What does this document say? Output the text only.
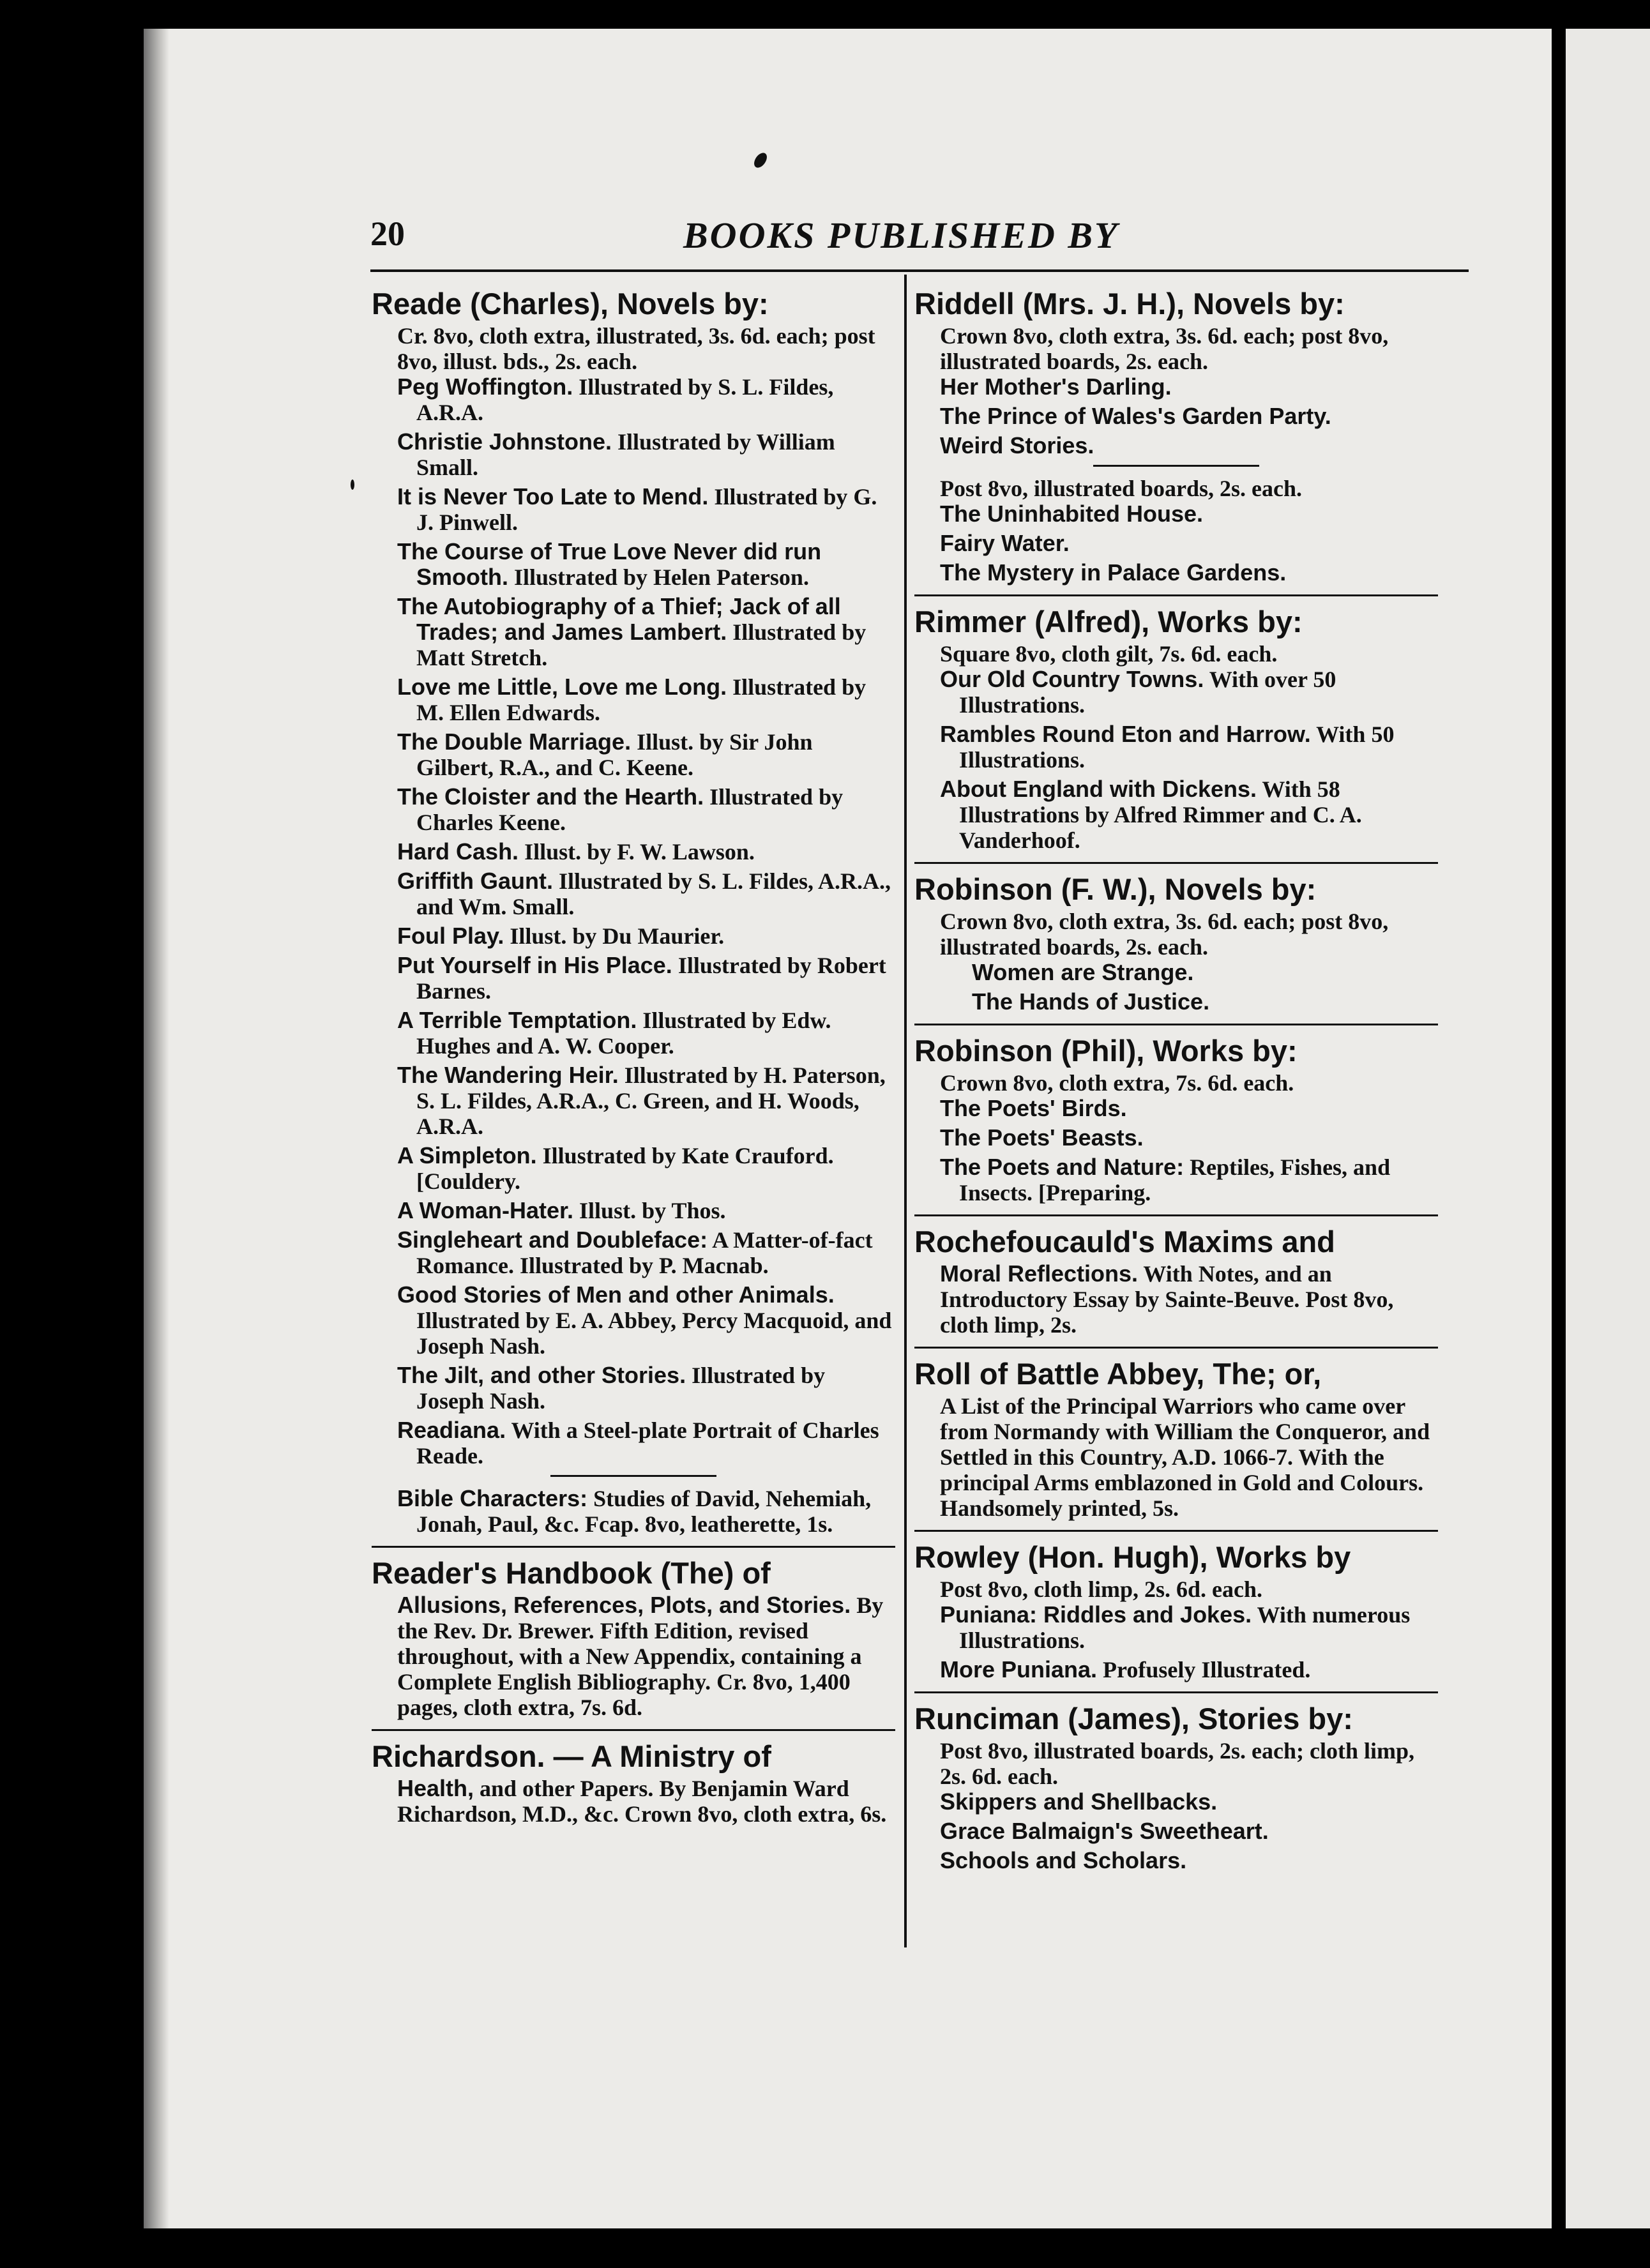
20	BOOKS PUBLISHED BY
Reade (Charles), Novels by:
Cr. 8vo, cloth extra, illustrated, 3s. 6d. each; post 8vo, illust. bds., 2s. each.
Peg Woffington. Illustrated by S. L. Fildes, A.R.A.
Christie Johnstone. Illustrated by William Small.
It is Never Too Late to Mend. Illustrated by G. J. Pinwell.
The Course of True Love Never did run Smooth. Illustrated by Helen Paterson.
The Autobiography of a Thief; Jack of all Trades; and James Lambert. Illustrated by Matt Stretch.
Love me Little, Love me Long. Illustrated by M. Ellen Edwards.
The Double Marriage. Illust. by Sir John Gilbert, R.A., and C. Keene.
The Cloister and the Hearth. Illustrated by Charles Keene.
Hard Cash. Illust. by F. W. Lawson.
Griffith Gaunt. Illustrated by S. L. Fildes, A.R.A., and Wm. Small.
Foul Play. Illust. by Du Maurier.
Put Yourself in His Place. Illustrated by Robert Barnes.
A Terrible Temptation. Illustrated by Edw. Hughes and A. W. Cooper.
The Wandering Heir. Illustrated by H. Paterson, S. L. Fildes, A.R.A., C. Green, and H. Woods, A.R.A.
A Simpleton. Illustrated by Kate Crauford. [Couldery.
A Woman-Hater. Illust. by Thos.
Singleheart and Doubleface: A Matter-of-fact Romance. Illustrated by P. Macnab.
Good Stories of Men and other Animals. Illustrated by E. A. Abbey, Percy Macquoid, and Joseph Nash.
The Jilt, and other Stories. Illustrated by Joseph Nash.
Readiana. With a Steel-plate Portrait of Charles Reade.
Bible Characters: Studies of David, Nehemiah, Jonah, Paul, &c. Fcap. 8vo, leatherette, 1s.
Reader's Handbook (The) of
Allusions, References, Plots, and Stories. By the Rev. Dr. Brewer. Fifth Edition, revised throughout, with a New Appendix, containing a Complete English Bibliography. Cr. 8vo, 1,400 pages, cloth extra, 7s. 6d.
Richardson. — A Ministry of
Health, and other Papers. By Benjamin Ward Richardson, M.D., &c. Crown 8vo, cloth extra, 6s.
Riddell (Mrs. J. H.), Novels by:
Crown 8vo, cloth extra, 3s. 6d. each; post 8vo, illustrated boards, 2s. each.
Her Mother's Darling.
The Prince of Wales's Garden Party.
Weird Stories.
Post 8vo, illustrated boards, 2s. each.
The Uninhabited House.
Fairy Water.
The Mystery in Palace Gardens.
Rimmer (Alfred), Works by:
Square 8vo, cloth gilt, 7s. 6d. each.
Our Old Country Towns. With over 50 Illustrations.
Rambles Round Eton and Harrow. With 50 Illustrations.
About England with Dickens. With 58 Illustrations by Alfred Rimmer and C. A. Vanderhoof.
Robinson (F. W.), Novels by:
Crown 8vo, cloth extra, 3s. 6d. each; post 8vo, illustrated boards, 2s. each.
Women are Strange.
The Hands of Justice.
Robinson (Phil), Works by:
Crown 8vo, cloth extra, 7s. 6d. each.
The Poets' Birds.
The Poets' Beasts.
The Poets and Nature: Reptiles, Fishes, and Insects. [Preparing.
Rochefoucauld's Maxims and
Moral Reflections. With Notes, and an Introductory Essay by Sainte-Beuve. Post 8vo, cloth limp, 2s.
Roll of Battle Abbey, The; or,
A List of the Principal Warriors who came over from Normandy with William the Conqueror, and Settled in this Country, A.D. 1066-7. With the principal Arms emblazoned in Gold and Colours. Handsomely printed, 5s.
Rowley (Hon. Hugh), Works by
Post 8vo, cloth limp, 2s. 6d. each.
Puniana: Riddles and Jokes. With numerous Illustrations.
More Puniana. Profusely Illustrated.
Runciman (James), Stories by:
Post 8vo, illustrated boards, 2s. each; cloth limp, 2s. 6d. each.
Skippers and Shellbacks.
Grace Balmaign's Sweetheart.
Schools and Scholars.
